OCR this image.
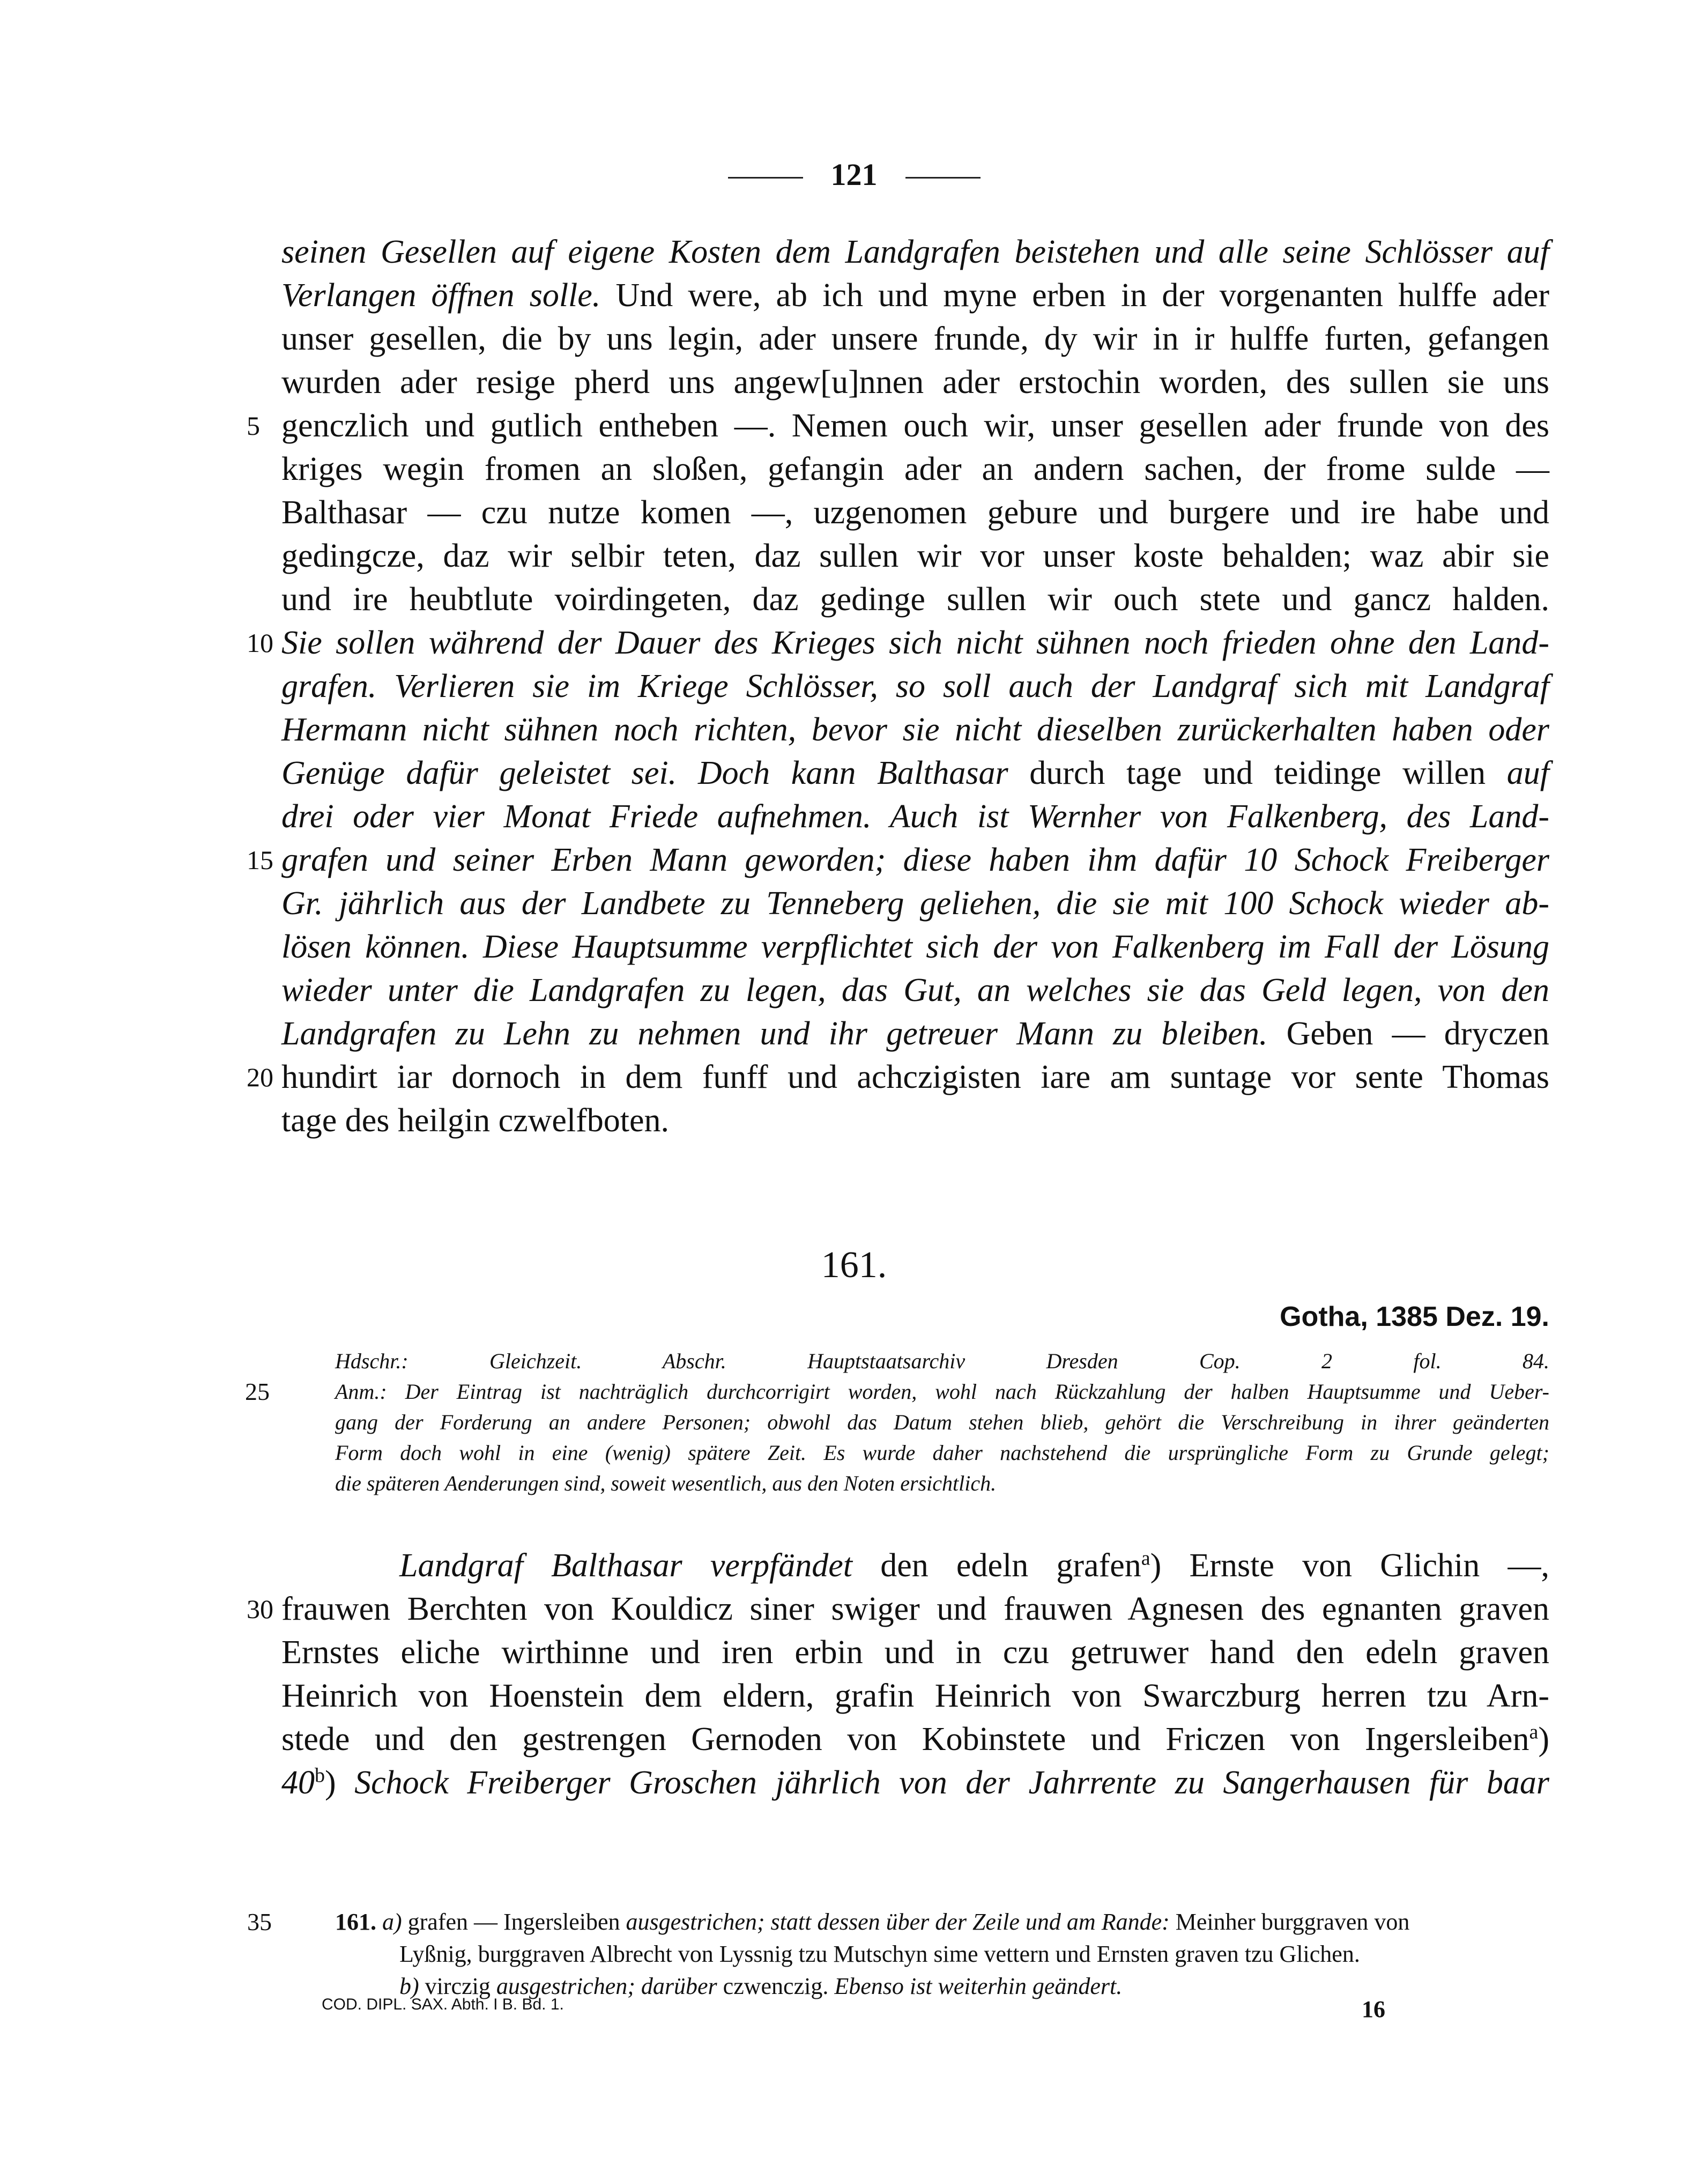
121
seinen Gesellen auf eigene Kosten dem Landgrafen beistehen und alle seine Schlösser auf
Verlangen öffnen solle. Und were, ab ich und myne erben in der vorgenanten hulffe ader
unser gesellen, die by uns legin, ader unsere frunde, dy wir in ir hulffe furten, gefangen
wurden ader resige pherd uns angew[u]nnen ader erstochin worden, des sullen sie uns
5 genczlich und gutlich entheben —. Nemen ouch wir, unser gesellen ader frunde von des
kriges wegin fromen an sloßen, gefangin ader an andern sachen, der frome sulde —
Balthasar — czu nutze komen —, uzgenomen gebure und burgere und ire habe und
gedingcze, daz wir selbir teten, daz sullen wir vor unser koste behalden; waz abir sie
und ire heubtlute voirdingeten, daz gedinge sullen wir ouch stete und gancz halden.
10 Sie sollen während der Dauer des Krieges sich nicht sühnen noch frieden ohne den Land-
grafen. Verlieren sie im Kriege Schlösser, so soll auch der Landgraf sich mit Landgraf
Hermann nicht sühnen noch richten, bevor sie nicht dieselben zurückerhalten haben oder
Genüge dafür geleistet sei. Doch kann Balthasar durch tage und teidinge willen auf
drei oder vier Monat Friede aufnehmen. Auch ist Wernher von Falkenberg, des Land-
15 grafen und seiner Erben Mann geworden; diese haben ihm dafür 10 Schock Freiberger
Gr. jährlich aus der Landbete zu Tenneberg geliehen, die sie mit 100 Schock wieder ab-
lösen können. Diese Hauptsumme verpflichtet sich der von Falkenberg im Fall der Lösung
wieder unter die Landgrafen zu legen, das Gut, an welches sie das Geld legen, von den
Landgrafen zu Lehn zu nehmen und ihr getreuer Mann zu bleiben. Geben — dryczen
20 hundirt iar dornoch in dem funff und achczigisten iare am suntage vor sente Thomas
tage des heilgin czwelfboten.
161.
Gotha, 1385 Dez. 19.
Hdschr.: Gleichzeit. Abschr. Hauptstaatsarchiv Dresden Cop. 2 fol. 84.
25	Anm.: Der Eintrag ist nachträglich durchcorrigirt worden, wohl nach Rückzahlung der halben Hauptsumme und Ueber-
gang der Forderung an andere Personen; obwohl das Datum stehen blieb, gehört die Verschreibung in ihrer geänderten
Form doch wohl in eine (wenig) spätere Zeit. Es wurde daher nachstehend die ursprüngliche Form zu Grunde gelegt;
die späteren Aenderungen sind, soweit wesentlich, aus den Noten ersichtlich.
Landgraf Balthasar verpfändet den edeln grafen$^a$) Ernste von Glichin —,
30 frauwen Berchten von Kouldicz siner swiger und frauwen Agnesen des egnanten graven
Ernstes eliche wirthinne und iren erbin und in czu getruwer hand den edeln graven
Heinrich von Hoenstein dem eldern, grafin Heinrich von Swarczburg herren tzu Arn-
stede und den gestrengen Gernoden von Kobinstete und Friczen von Ingersleiben$^a$)
40$^b$) Schock Freiberger Groschen jährlich von der Jahrrente zu Sangerhausen für baar
35	161. a) grafen — Ingersleiben ausgestrichen; statt dessen über der Zeile und am Rande: Meinher burggraven von
Lyßnig, burggraven Albrecht von Lyssnig tzu Mutschyn sime vettern und Ernsten graven tzu Glichen.
b) virczig ausgestrichen; darüber czwenczig. Ebenso ist weiterhin geändert.
COD. DIPL. SAX. Abth. I B. Bd. 1.	16
